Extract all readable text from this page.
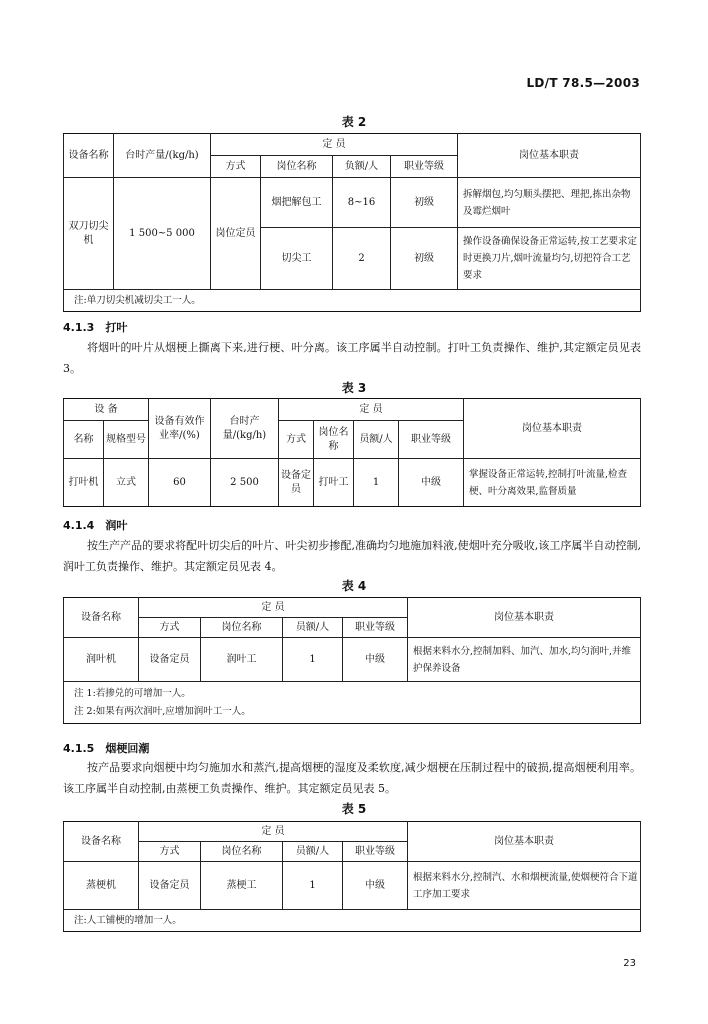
LD/T 78.5—2003
表 2
设备名称	台时产量/(kg/h)	定 员				岗位基本职责
		方式	岗位名称	负额/人	职业等级	
双刀切尖机	1 500~5 000	岗位定员	烟把解包工	8~16	初级	拆解烟包,均匀顺头摆把、理把,拣出杂物及霉烂烟叶
			切尖工	2	初级	操作设备确保设备正常运转,按工艺要求定时更换刀片,烟叶流量均匀,切把符合工艺要求
注:单刀切尖机减切尖工一人。						
4.1.3　打叶
将烟叶的叶片从烟梗上撕离下来,进行梗、叶分离。该工序属半自动控制。打叶工负责操作、维护,其定额定员见表 3。
表 3
设 备		设备有效作业率/(%)	台时产量/(kg/h)	定 员				岗位基本职责
名称	规格型号			方式	岗位名称	员额/人	职业等级	
打叶机	立式	60	2 500	设备定员	打叶工	1	中级	掌握设备正常运转,控制打叶流量,检查梗、叶分离效果,监督质量
4.1.4　润叶
按生产产品的要求将配叶切尖后的叶片、叶尖初步掺配,准确均匀地施加料液,使烟叶充分吸收,该工序属半自动控制,润叶工负责操作、维护。其定额定员见表 4。
表 4
设备名称	定 员				岗位基本职责
	方式	岗位名称	员额/人	职业等级	
润叶机	设备定员	润叶工	1	中级	根据来料水分,控制加料、加汽、加水,均匀润叶,并维护保养设备

注 1:若掺兑的可增加一人。
注 2:如果有两次润叶,应增加润叶工一人。					
4.1.5　烟梗回潮
按产品要求向烟梗中均匀施加水和蒸汽,提高烟梗的湿度及柔软度,减少烟梗在压制过程中的破损,提高烟梗利用率。该工序属半自动控制,由蒸梗工负责操作、维护。其定额定员见表 5。
表 5
设备名称	定 员				岗位基本职责
	方式	岗位名称	员额/人	职业等级	
蒸梗机	设备定员	蒸梗工	1	中级	根据来料水分,控制汽、水和烟梗流量,使烟梗符合下道工序加工要求
注:人工铺梗的增加一人。					
23
